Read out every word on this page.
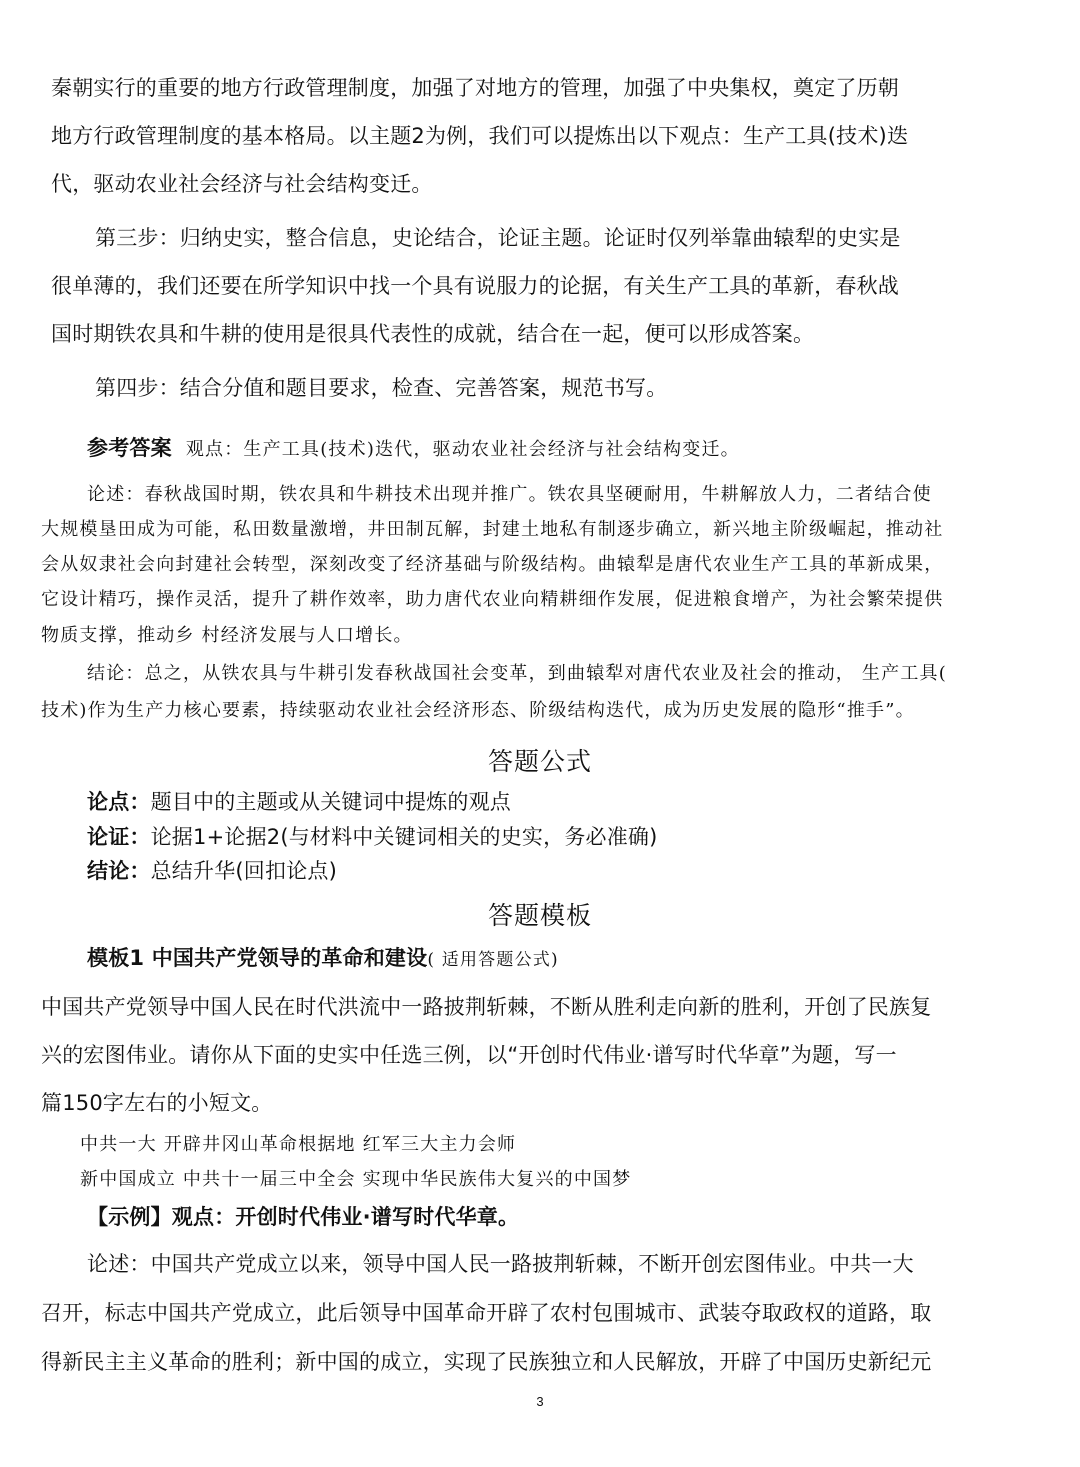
秦朝实行的重要的地方行政管理制度，加强了对地方的管理，加强了中央集权，奠定了历朝
地方行政管理制度的基本格局。以主题2为例，我们可以提炼出以下观点：生产工具(技术)迭
代，驱动农业社会经济与社会结构变迁。
第三步：归纳史实，整合信息，史论结合，论证主题。论证时仅列举靠曲辕犁的史实是
很单薄的，我们还要在所学知识中找一个具有说服力的论据，有关生产工具的革新，春秋战
国时期铁农具和牛耕的使用是很具代表性的成就，结合在一起，便可以形成答案。
第四步：结合分值和题目要求，检查、完善答案，规范书写。
参考答案 观点：生产工具(技术)迭代，驱动农业社会经济与社会结构变迁。
论述：春秋战国时期，铁农具和牛耕技术出现并推广。铁农具坚硬耐用，牛耕解放人力，二者结合使
大规模垦田成为可能，私田数量激增，井田制瓦解，封建土地私有制逐步确立，新兴地主阶级崛起，推动社
会从奴隶社会向封建社会转型，深刻改变了经济基础与阶级结构。曲辕犁是唐代农业生产工具的革新成果，
它设计精巧，操作灵活，提升了耕作效率，助力唐代农业向精耕细作发展，促进粮食增产，为社会繁荣提供
物质支撑，推动乡 村经济发展与人口增长。
结论：总之，从铁农具与牛耕引发春秋战国社会变革，到曲辕犁对唐代农业及社会的推动， 生产工具(
技术)作为生产力核心要素，持续驱动农业社会经济形态、阶级结构迭代，成为历史发展的隐形“推手”。
答题公式
论点：题目中的主题或从关键词中提炼的观点
论证：论据1+论据2(与材料中关键词相关的史实，务必准确)
结论：总结升华(回扣论点)
答题模板
模板1 中国共产党领导的革命和建设( 适用答题公式)
中国共产党领导中国人民在时代洪流中一路披荆斩棘，不断从胜利走向新的胜利，开创了民族复
兴的宏图伟业。请你从下面的史实中任选三例，以“开创时代伟业·谱写时代华章”为题，写一
篇150字左右的小短文。
中共一大 开辟井冈山革命根据地 红军三大主力会师
新中国成立 中共十一届三中全会 实现中华民族伟大复兴的中国梦
【示例】观点：开创时代伟业·谱写时代华章。
论述：中国共产党成立以来，领导中国人民一路披荆斩棘，不断开创宏图伟业。中共一大
召开，标志中国共产党成立，此后领导中国革命开辟了农村包围城市、武装夺取政权的道路，取
得新民主主义革命的胜利；新中国的成立，实现了民族独立和人民解放，开辟了中国历史新纪元
3
